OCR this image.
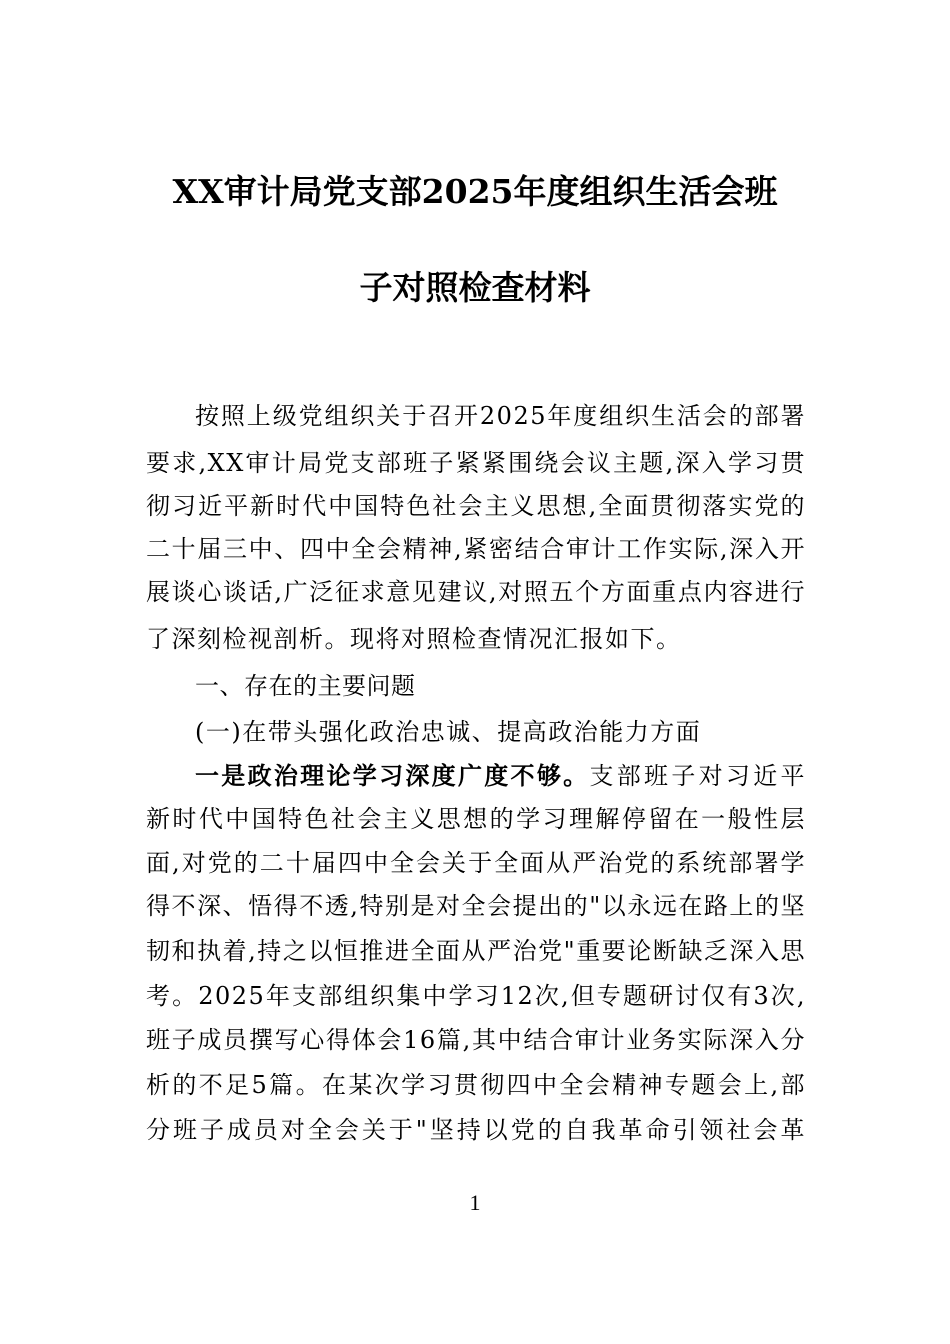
XX审计局党支部2025年度组织生活会班
子对照检查材料
按照上级党组织关于召开2025年度组织生活会的部署
要求,XX审计局党支部班子紧紧围绕会议主题,深入学习贯
彻习近平新时代中国特色社会主义思想,全面贯彻落实党的
二十届三中、四中全会精神,紧密结合审计工作实际,深入开
展谈心谈话,广泛征求意见建议,对照五个方面重点内容进行
了深刻检视剖析。现将对照检查情况汇报如下。
一、存在的主要问题
(一)在带头强化政治忠诚、提高政治能力方面
一是政治理论学习深度广度不够。支部班子对习近平
新时代中国特色社会主义思想的学习理解停留在一般性层
面,对党的二十届四中全会关于全面从严治党的系统部署学
得不深、悟得不透,特别是对全会提出的"以永远在路上的坚
韧和执着,持之以恒推进全面从严治党"重要论断缺乏深入思
考。2025年支部组织集中学习12次,但专题研讨仅有3次,
班子成员撰写心得体会16篇,其中结合审计业务实际深入分
析的不足5篇。在某次学习贯彻四中全会精神专题会上,部
分班子成员对全会关于"坚持以党的自我革命引领社会革
1
